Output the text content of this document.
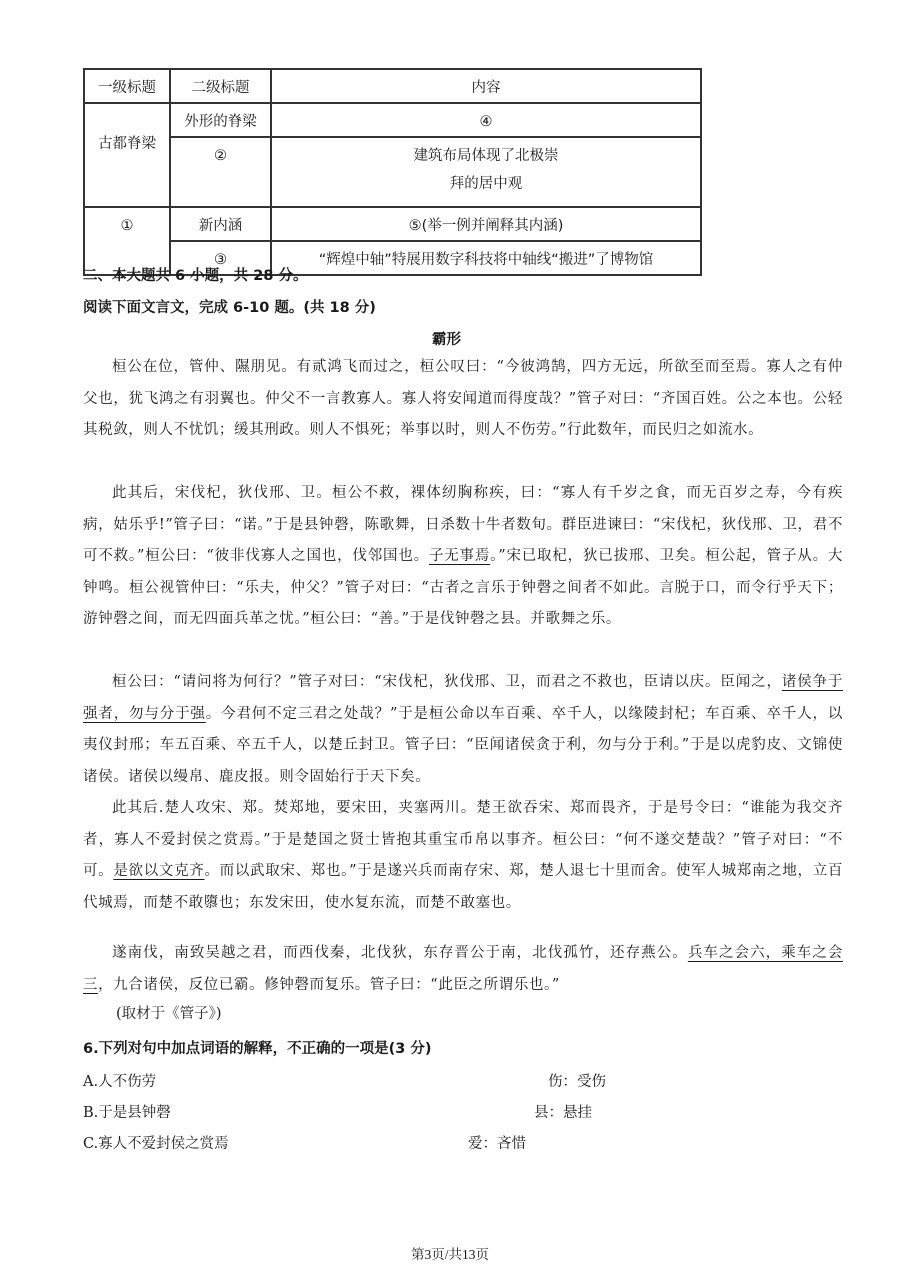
一级标题	二级标题	内容
古都脊梁	外形的脊梁	④
	②	建筑布局体现了北极崇
拜的居中观

①	新内涵	⑤(举一例并阐释其内涵)
	③	“辉煌中轴”特展用数字科技将中轴线“搬进”了博物馆
二、本大题共 6 小题，共 28 分。
阅读下面文言文，完成 6-10 题。(共 18 分)
霸形
桓公在位，管仲、隰朋见。有贰鸿飞而过之，桓公叹曰：“今彼鸿鹄，四方无远，所欲至而至焉。寡人之有仲父也，犹飞鸿之有羽翼也。仲父不一言教寡人。寡人将安闻道而得度哉？”管子对曰：“齐国百姓。公之本也。公轻其税敛，则人不忧饥；缓其刑政。则人不惧死；举事以时，则人不伤劳。”行此数年，而民归之如流水。
此其后，宋伐杞，狄伐邢、卫。桓公不救，裸体纫胸称疾，曰：“寡人有千岁之食，而无百岁之寿，今有疾病，姑乐乎!”管子曰：“诺。”于是县钟磬，陈歌舞，日杀数十牛者数旬。群臣进谏曰：“宋伐杞，狄伐邢、卫，君不可不救。”桓公曰：“彼非伐寡人之国也，伐邻国也。子无事焉。”宋已取杞，狄已拔邢、卫矣。桓公起，管子从。大钟鸣。桓公视管仲曰：“乐夫，仲父？”管子对曰：“古者之言乐于钟磬之间者不如此。言脱于口，而令行乎天下；游钟磬之间，而无四面兵革之忧。”桓公曰：“善。”于是伐钟磬之县。并歌舞之乐。
桓公曰：“请问将为何行？”管子对曰：“宋伐杞，狄伐邢、卫，而君之不救也，臣请以庆。臣闻之，诸侯争于强者，勿与分于强。今君何不定三君之处哉？”于是桓公命以车百乘、卒千人，以缘陵封杞；车百乘、卒千人，以夷仪封邢；车五百乘、卒五千人，以楚丘封卫。管子曰：“臣闻诸侯贪于利，勿与分于利。”于是以虎豹皮、文锦使诸侯。诸侯以缦帛、鹿皮报。则令固始行于天下矣。
此其后.楚人攻宋、郑。焚郑地，要宋田，夹塞两川。楚王欲吞宋、郑而畏齐，于是号令曰：“谁能为我交齐者，寡人不爱封侯之赏焉。”于是楚国之贤士皆抱其重宝币帛以事齐。桓公曰：“何不遂交楚哉？”管子对曰：“不可。是欲以文克齐。而以武取宋、郑也。”于是遂兴兵而南存宋、郑，楚人退七十里而舍。使军人城郑南之地，立百代城焉，而楚不敢隳也；东发宋田，使水复东流，而楚不敢塞也。
遂南伐，南致吴越之君，而西伐秦，北伐狄，东存晋公于南，北伐孤竹，还存燕公。兵车之会六，乘车之会三，九合诸侯，反位已霸。修钟磬而复乐。管子曰：“此臣之所谓乐也。”
(取材于《管子》)
6.下列对句中加点词语的解释，不正确的一项是(3 分)
A.人不伤劳	伤：受伤
B.于是县钟磬	县：悬挂
C.寡人不爱封侯之赏焉	爱：吝惜
第3页/共13页
